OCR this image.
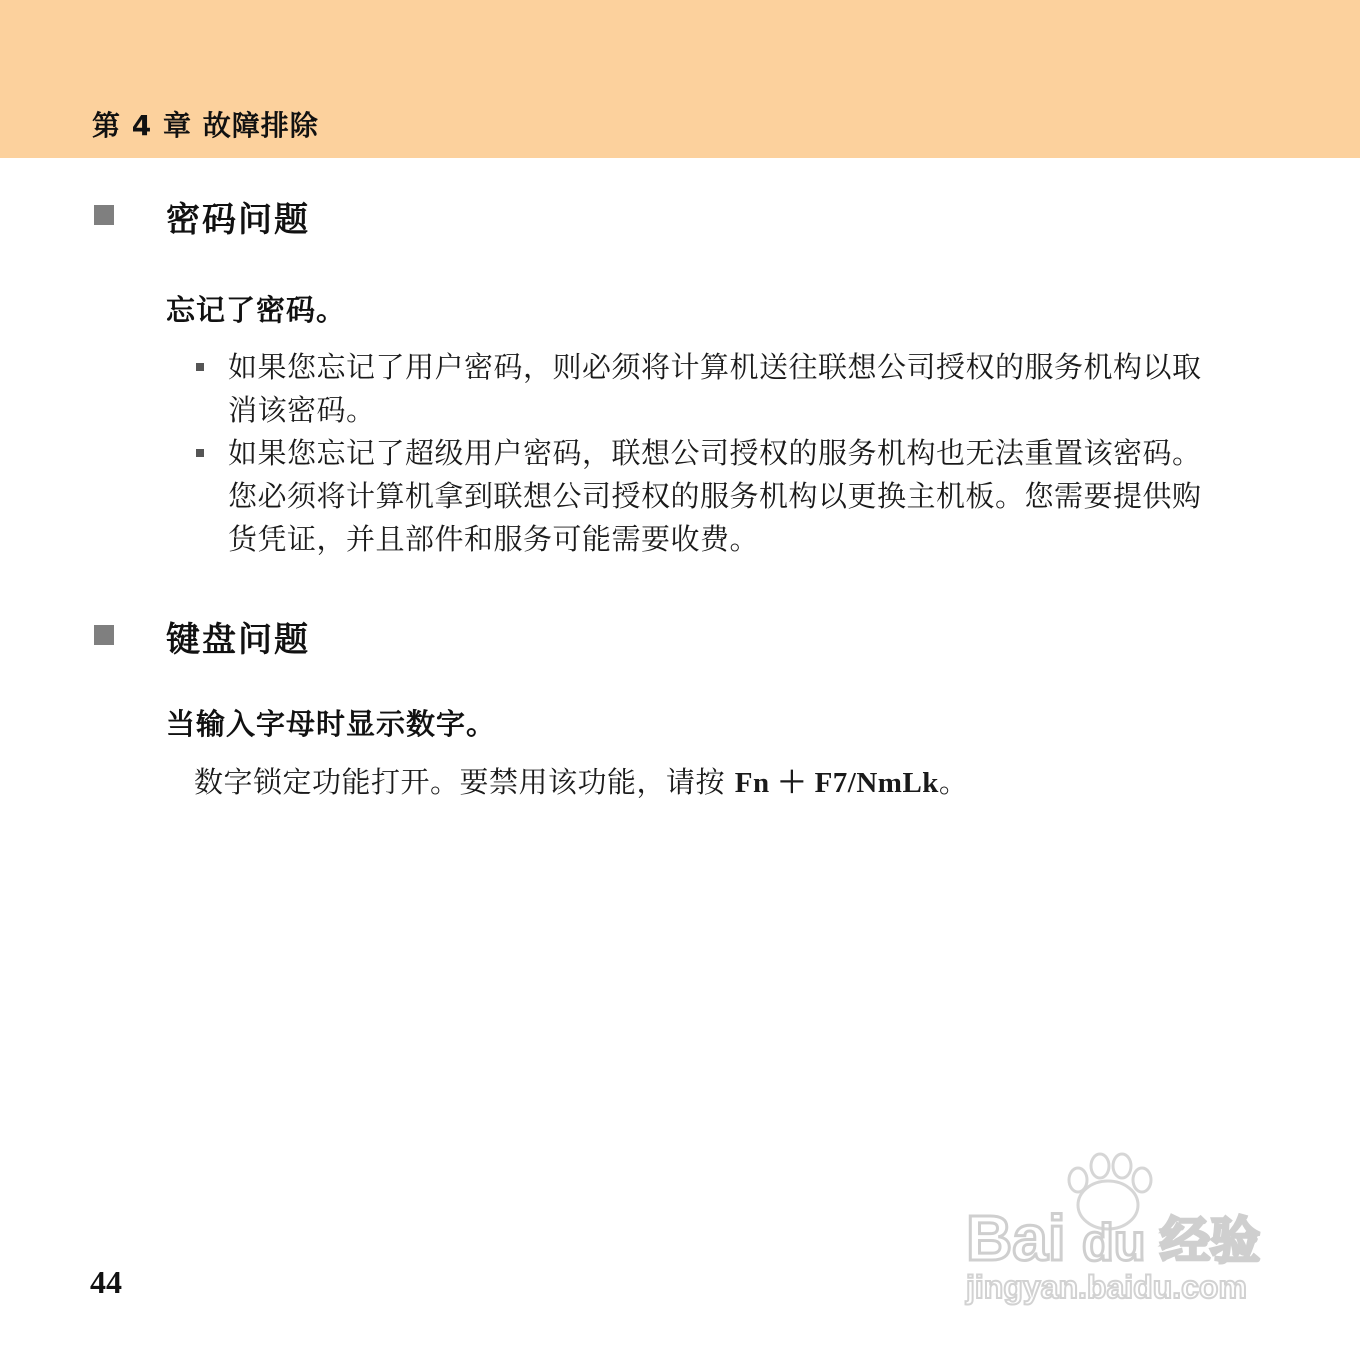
第 4 章 故障排除
密码问题
忘记了密码。
如果您忘记了用户密码，则必须将计算机送往联想公司授权的服务机构以取消该密码。
如果您忘记了超级用户密码，联想公司授权的服务机构也无法重置该密码。您必须将计算机拿到联想公司授权的服务机构以更换主机板。您需要提供购货凭证，并且部件和服务可能需要收费。
键盘问题
当输入字母时显示数字。
数字锁定功能打开。要禁用该功能，请按 Fn ＋ F7/NmLk。
44
Bai du 经验
jingyan.baidu.com
